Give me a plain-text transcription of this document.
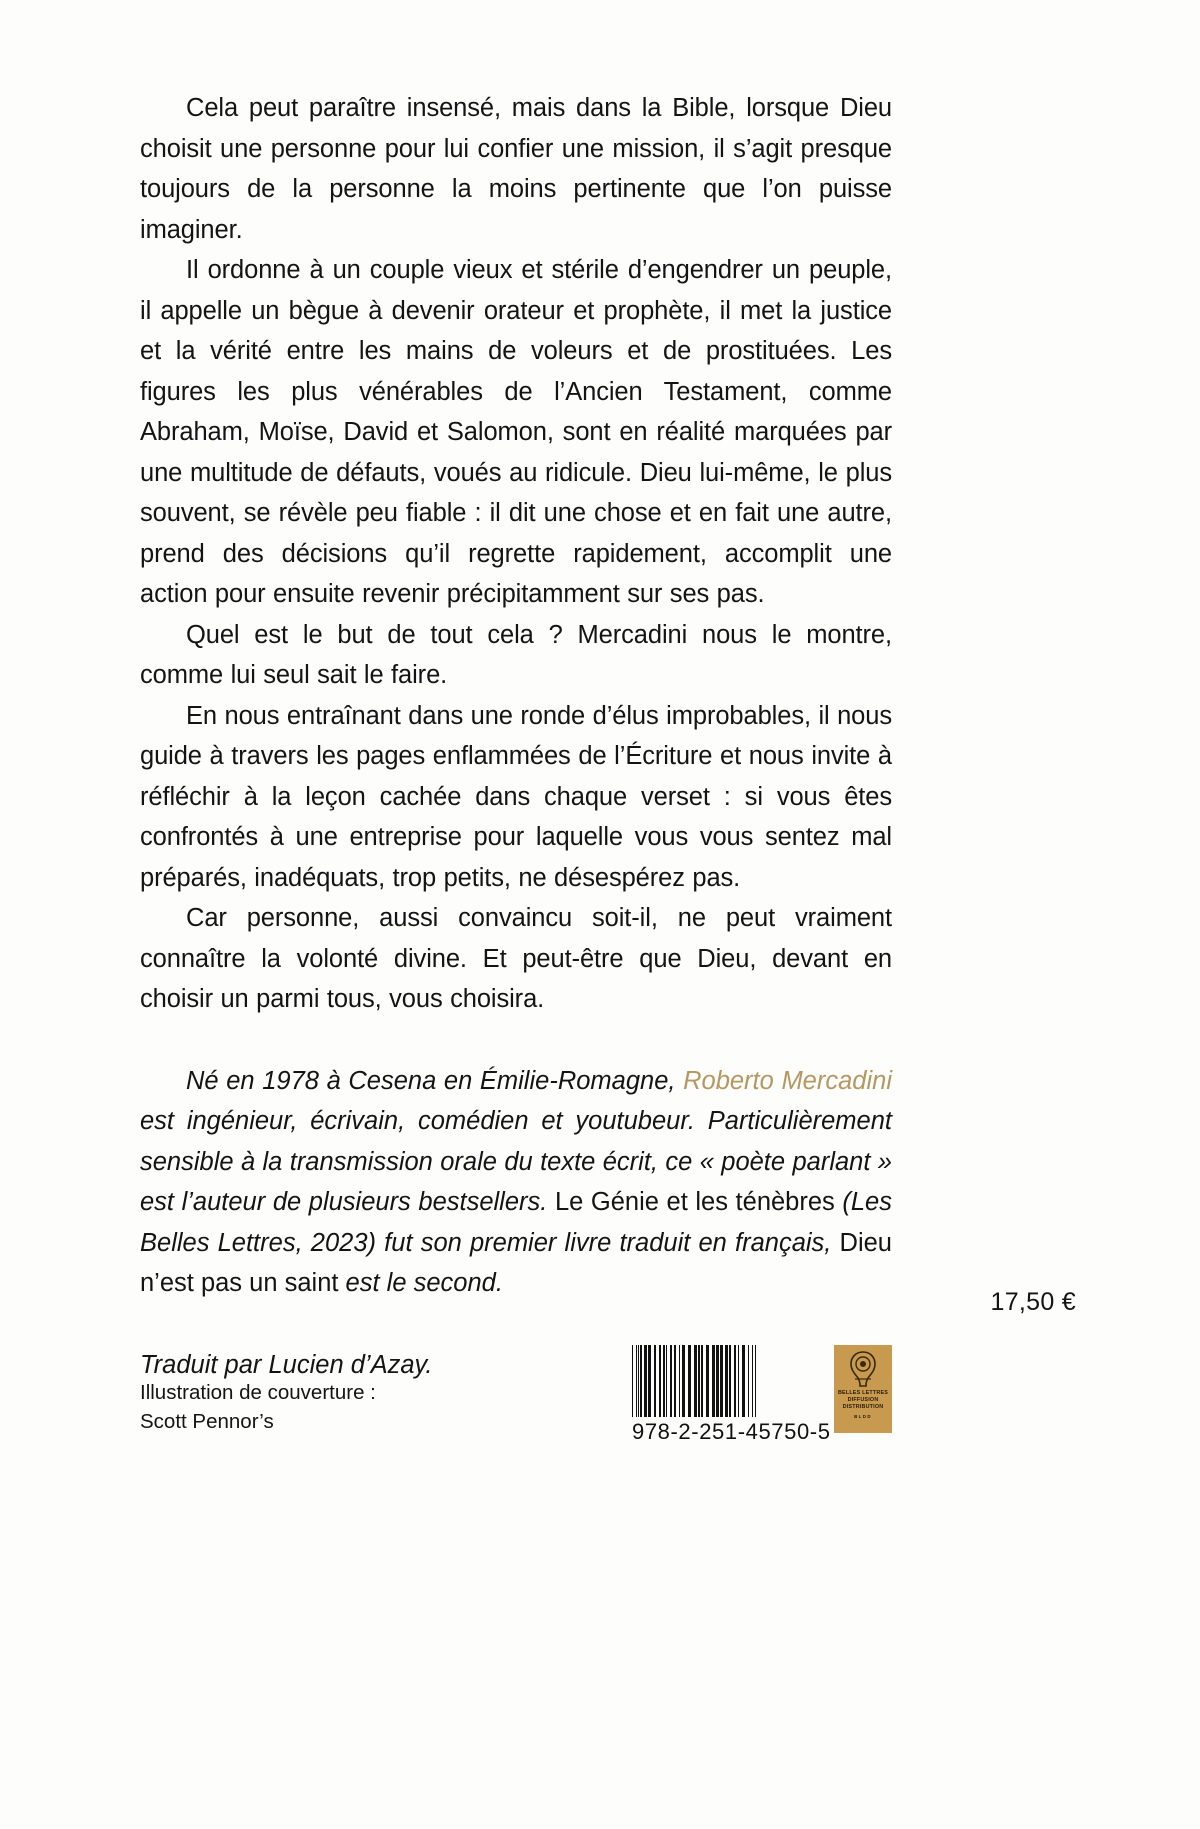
Cela peut paraître insensé, mais dans la Bible, lorsque Dieu choisit une personne pour lui confier une mission, il s’agit presque toujours de la personne la moins pertinente que l’on puisse imaginer.

Il ordonne à un couple vieux et stérile d’engendrer un peuple, il appelle un bègue à devenir orateur et prophète, il met la justice et la vérité entre les mains de voleurs et de prostituées. Les figures les plus vénérables de l’Ancien Testament, comme Abraham, Moïse, David et Salomon, sont en réalité marquées par une multitude de défauts, voués au ridicule. Dieu lui-même, le plus souvent, se révèle peu fiable : il dit une chose et en fait une autre, prend des décisions qu’il regrette rapidement, accomplit une action pour ensuite revenir précipitamment sur ses pas.

Quel est le but de tout cela ? Mercadini nous le montre, comme lui seul sait le faire.

En nous entraînant dans une ronde d’élus improbables, il nous guide à travers les pages enflammées de l’Écriture et nous invite à réfléchir à la leçon cachée dans chaque verset : si vous êtes confrontés à une entreprise pour laquelle vous vous sentez mal préparés, inadéquats, trop petits, ne désespérez pas.

Car personne, aussi convaincu soit-il, ne peut vraiment connaître la volonté divine. Et peut-être que Dieu, devant en choisir un parmi tous, vous choisira.

Né en 1978 à Cesena en Émilie-Romagne, Roberto Mercadini est ingénieur, écrivain, comédien et youtubeur. Particulièrement sensible à la transmission orale du texte écrit, ce « poète parlant » est l’auteur de plusieurs bestsellers. Le Génie et les ténèbres (Les Belles Lettres, 2023) fut son premier livre traduit en français, Dieu n’est pas un saint est le second.

Traduit par Lucien d’Azay.

17,50 €
Illustration de couverture :
Scott Pennor’s	978-2-251-45750-5
BELLES LETTRES
DIFFUSION
DISTRIBUTION
BLDD
